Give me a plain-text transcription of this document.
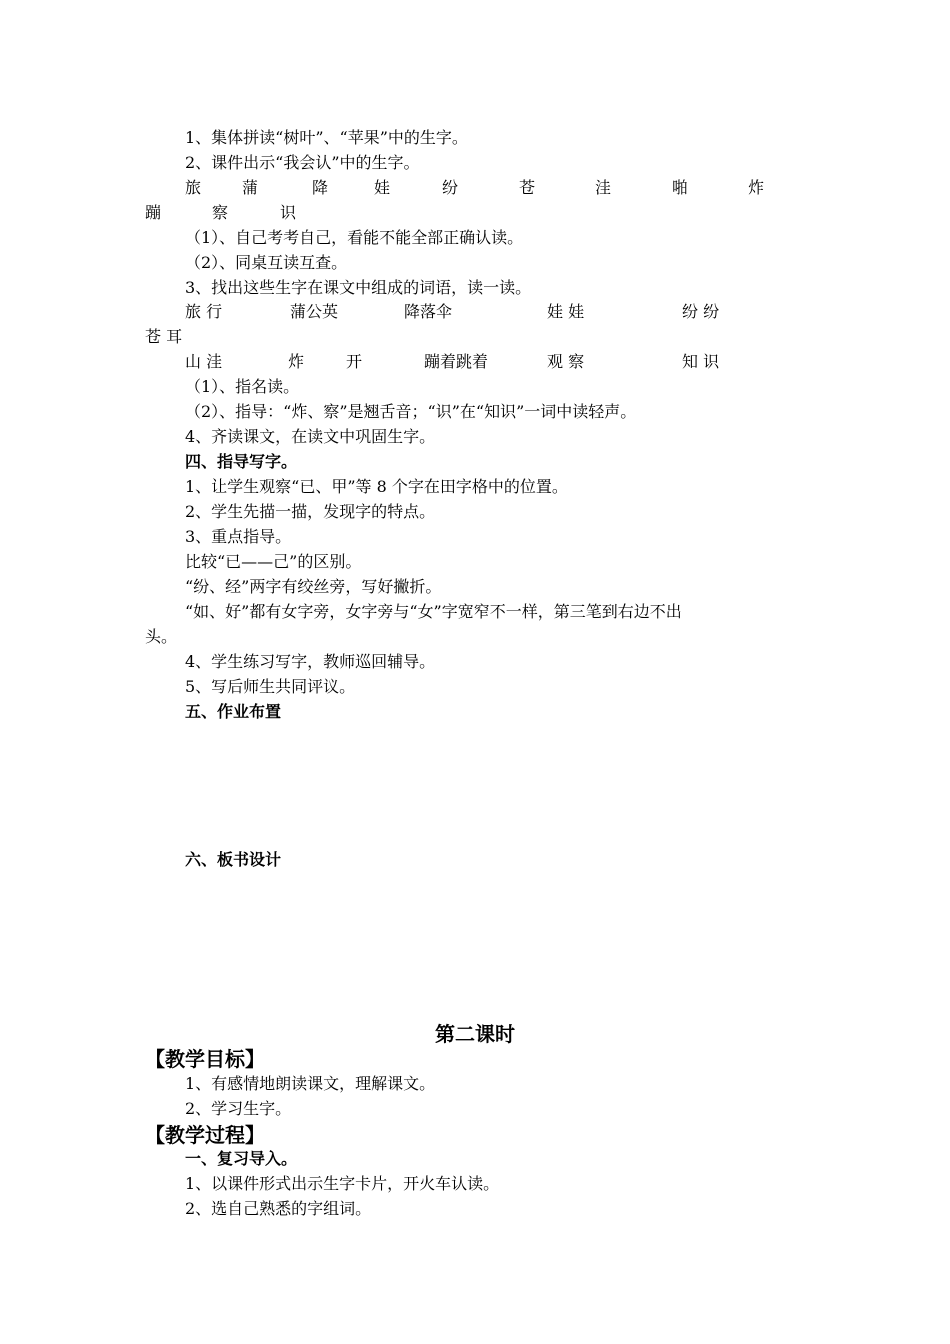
1、集体拼读“树叶”、“苹果”中的生字。
2、课件出示“我会认”中的生字。
旅	蒲	降	娃	纷	苍	洼	啪	炸
蹦	察	识
（1）、自己考考自己，看能不能全部正确认读。
（2）、同桌互读互查。
3、找出这些生字在课文中组成的词语，读一读。
旅 行	蒲公英	降落伞	娃 娃	纷 纷
苍 耳
山 洼	炸	开	蹦着跳着	观 察	知 识
（1）、指名读。
（2）、指导：“炸、察”是翘舌音；“识”在“知识”一词中读轻声。
4、齐读课文，在读文中巩固生字。
四、指导写字。
1、让学生观察“已、甲”等 8 个字在田字格中的位置。
2、学生先描一描，发现字的特点。
3、重点指导。
比较“已——己”的区别。
“纷、经”两字有绞丝旁，写好撇折。
“如、好”都有女字旁，女字旁与“女”字宽窄不一样，第三笔到右边不出
头。
4、学生练习写字，教师巡回辅导。
5、写后师生共同评议。
五、作业布置
六、板书设计
第二课时
【教学目标】
1、有感情地朗读课文，理解课文。
2、学习生字。
【教学过程】
一、复习导入。
1、以课件形式出示生字卡片，开火车认读。
2、选自己熟悉的字组词。
